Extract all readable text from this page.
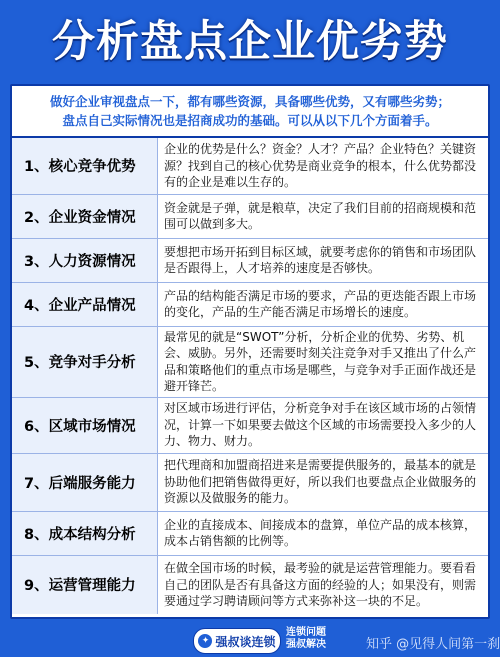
分析盘点企业优劣势
做好企业审视盘点一下，都有哪些资源，具备哪些优势，又有哪些劣势；
盘点自己实际情况也是招商成功的基础。可以从以下几个方面着手。
1、核心竞争优势	企业的优势是什么？资金？人才？产品？企业特色？关键资源？找到自己的核心优势是商业竞争的根本，什么优势都没有的企业是难以生存的。
2、企业资金情况	资金就是子弹，就是粮草，决定了我们目前的招商规模和范围可以做到多大。
3、人力资源情况	要想把市场开拓到目标区域，就要考虑你的销售和市场团队是否跟得上，人才培养的速度是否够快。
4、企业产品情况	产品的结构能否满足市场的要求，产品的更迭能否跟上市场的变化，产品的生产能否满足市场增长的速度。
5、竞争对手分析	最常见的就是“SWOT”分析，分析企业的优势、劣势、机会、威胁。另外，还需要时刻关注竞争对手又推出了什么产品和策略他们的重点市场是哪些，与竞争对手正面作战还是避开锋芒。
6、区域市场情况	对区域市场进行评估，分析竞争对手在该区域市场的占领情况，计算一下如果要去做这个区域的市场需要投入多少的人力、物力、财力。
7、后端服务能力	把代理商和加盟商招进来是需要提供服务的，最基本的就是协助他们把销售做得更好，所以我们也要盘点企业做服务的资源以及做服务的能力。
8、成本结构分析	企业的直接成本、间接成本的盘算，单位产品的成本核算，成本占销售额的比例等。
9、运营管理能力	在做全国市场的时候，最考验的就是运营管理能力。要看看自己的团队是否有具备这方面的经验的人；如果没有，则需要通过学习聘请顾问等方式来弥补这一块的不足。
✦ 强叔谈连锁
连锁问题
强叔解决	知乎 @见得人间第一刹
